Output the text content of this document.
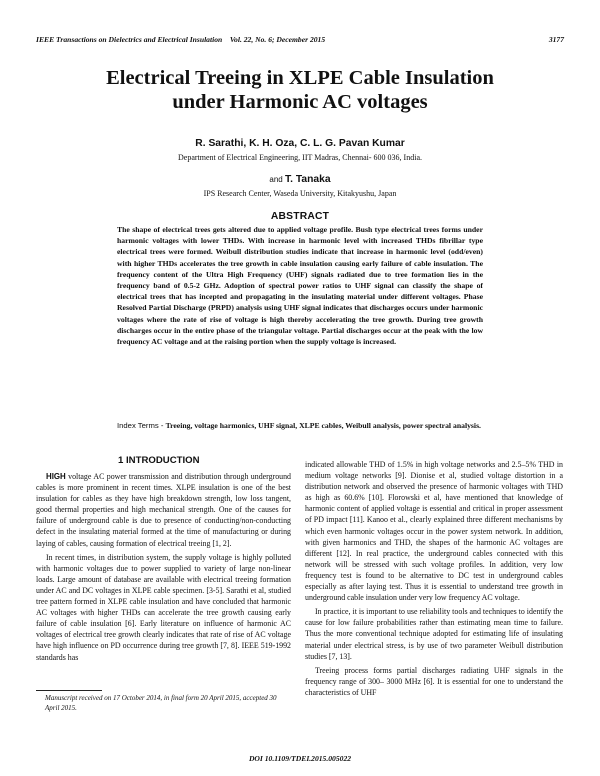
IEEE Transactions on Dielectrics and Electrical Insulation Vol. 22, No. 6; December 2015	3177
Electrical Treeing in XLPE Cable Insulation
under Harmonic AC voltages
R. Sarathi, K. H. Oza, C. L. G. Pavan Kumar
Department of Electrical Engineering, IIT Madras, Chennai- 600 036, India.
and T. Tanaka
IPS Research Center, Waseda University, Kitakyushu, Japan
ABSTRACT
The shape of electrical trees gets altered due to applied voltage profile. Bush type electrical trees forms under harmonic voltages with lower THDs. With increase in harmonic level with increased THDs fibrillar type electrical trees were formed. Weibull distribution studies indicate that increase in harmonic level (odd/even) with higher THDs accelerates the tree growth in cable insulation causing early failure of cable insulation. The frequency content of the Ultra High Frequency (UHF) signals radiated due to tree formation lies in the frequency band of 0.5-2 GHz. Adoption of spectral power ratios to UHF signal can classify the shape of electrical trees that has incepted and propagating in the insulating material under different voltages. Phase Resolved Partial Discharge (PRPD) analysis using UHF signal indicates that discharges occurs under harmonic voltages where the rate of rise of voltage is high thereby accelerating the tree growth. During tree growth discharges occur in the entire phase of the triangular voltage. Partial discharges occur at the peak with the low frequency AC voltage and at the raising portion when the supply voltage is increased.
Index Terms - Treeing, voltage harmonics, UHF signal, XLPE cables, Weibull analysis, power spectral analysis.
1 INTRODUCTION

HIGH voltage AC power transmission and distribution through underground cables is more prominent in recent times. XLPE insulation is one of the best insulation for cables as they have high breakdown strength, low loss tangent, good thermal properties and high mechanical strength. One of the causes for failure of underground cable is due to presence of conducting/non-conducting defect in the insulating material formed at the time of manufacturing or during laying of cables, causing formation of electrical treeing [1, 2].

In recent times, in distribution system, the supply voltage is highly polluted with harmonic voltages due to power supplied to variety of large non-linear loads. Large amount of database are available with electrical treeing formation under AC and DC voltages in XLPE cable specimen. [3-5]. Sarathi et al, studied tree pattern formed in XLPE cable insulation and have concluded that harmonic AC voltages with higher THDs can accelerate the tree growth causing early failure of cable insulation [6]. Early literature on influence of harmonic AC voltages of electrical tree growth clearly indicates that rate of rise of AC voltage have high influence on PD occurrence during tree growth [7, 8]. IEEE 519-1992 standards has

indicated allowable THD of 1.5% in high voltage networks and 2.5–5% THD in medium voltage networks [9]. Dionise et al, studied voltage distortion in a distribution network and observed the presence of harmonic voltages with THD as high as 60.6% [10]. Florowski et al, have mentioned that knowledge of harmonic content of applied voltage is essential and critical in proper assessment of PD impact [11]. Kanoo et al., clearly explained three different mechanisms by which even harmonic voltages occur in the power system network. In addition, with given harmonics and THD, the shapes of the harmonic AC voltages are different [12]. In real practice, the underground cables connected with this network will be stressed with such voltage profiles. In addition, very low frequency test is found to be alternative to DC test in underground cables especially as after laying test. Thus it is essential to understand tree growth in underground cable insulation under very low frequency AC voltage.

In practice, it is important to use reliability tools and techniques to identify the cause for low failure probabilities rather than estimating mean time to failure. Thus the more conventional technique adopted for estimating life of insulating material under electrical stress, is by use of two parameter Weibull distribution studies [7, 13].

Treeing process forms partial discharges radiating UHF signals in the frequency range of 300– 3000 MHz [6]. It is essential for one to understand the characteristics of UHF

Manuscript received on 17 October 2014, in final form 20 April 2015, accepted 30 April 2015.
DOI 10.1109/TDEI.2015.005022
